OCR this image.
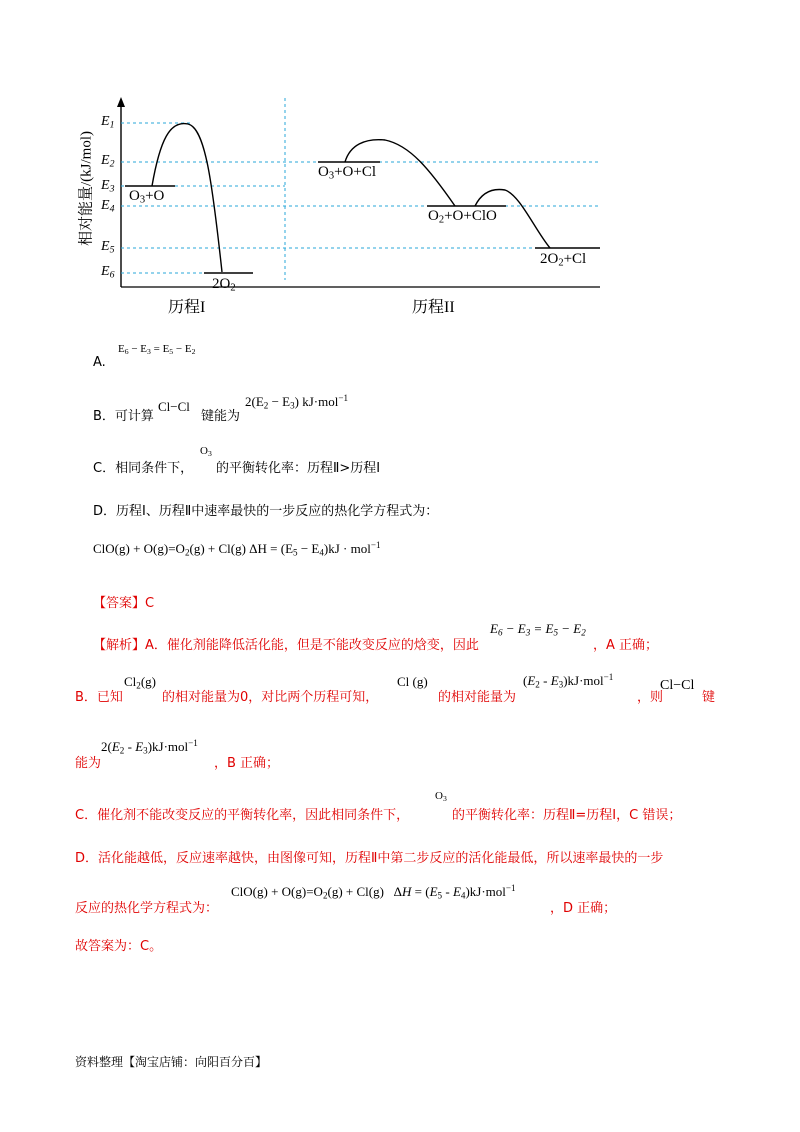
相对能量/(kJ/mol)
$E_1$
$E_2$
$E_3$
$E_4$
$E_5$
$E_6$
$O_3+O$
$2O_2$
$O_3+O+Cl$
$O_2+O+ClO$
$2O_2+Cl$
历程I	历程II
A.
$E_6 - E_3 = E_5 - E_2$
B．可计算
Cl−Cl
键能为
$2(E_2 - E_3)$ kJ·mol$^{-1}$
C．相同条件下，
$O_3$
的平衡转化率：历程Ⅱ>历程Ⅰ
D．历程Ⅰ、历程Ⅱ中速率最快的一步反应的热化学方程式为：
$ClO(g) + O(g)=O_2(g) + Cl(g) \Delta H = (E_5 - E_4)kJ \cdot mol^{-1}$
【答案】C
【解析】 A．催化剂能降低活化能，但是不能改变反应的焓变，因此
$E_6 - E_3 = E_5 - E_2$
，A 正确；
B．已知
$Cl_2(g)$
的相对能量为0，对比两个历程可知，
Cl (g)
的相对能量为
$(E_2 - E_3)kJ\cdot mol^{-1}$
，则
Cl−Cl
键
能为
$2(E_2 - E_3)kJ\cdot mol^{-1}$
，B 正确；
C．催化剂不能改变反应的平衡转化率，因此相同条件下，
$O_3$
的平衡转化率：历程Ⅱ=历程Ⅰ，C 错误；
D．活化能越低，反应速率越快，由图像可知，历程Ⅱ中第二步反应的活化能最低，所以速率最快的一步
反应的热化学方程式为：
$ClO(g) + O(g)=O_2(g) + Cl(g) \Delta H = (E_5 - E_4)kJ\cdot mol^{-1}$
，D 正确；
故答案为：C。
资料整理【淘宝店铺：向阳百分百】
